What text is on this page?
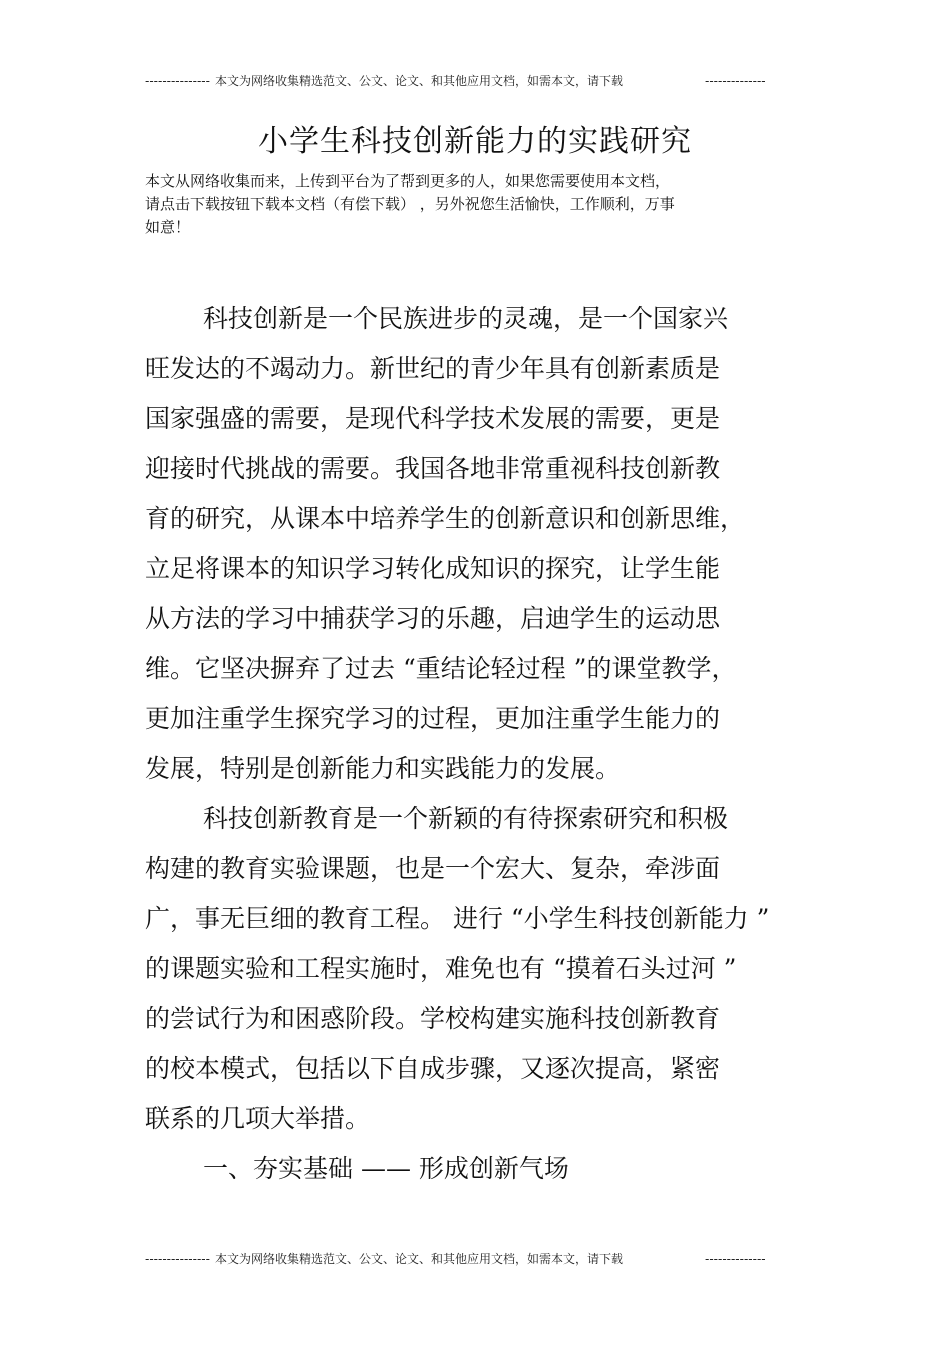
--------------- 本文为网络收集精选范文、公文、论文、和其他应用文档，如需本文，请下载	--------------
小学生科技创新能力的实践研究
本文从网络收集而来，上传到平台为了帮到更多的人，如果您需要使用本文档，
请点击下载按钮下载本文档（有偿下载） ，另外祝您生活愉快，工作顺利，万事
如意！
科技创新是一个民族进步的灵魂，是一个国家兴
旺发达的不竭动力。新世纪的青少年具有创新素质是
国家强盛的需要，是现代科学技术发展的需要，更是
迎接时代挑战的需要。我国各地非常重视科技创新教
育的研究，从课本中培养学生的创新意识和创新思维，
立足将课本的知识学习转化成知识的探究，让学生能
从方法的学习中捕获学习的乐趣，启迪学生的运动思
维。它坚决摒弃了过去 “重结论轻过程 ”的课堂教学，
更加注重学生探究学习的过程，更加注重学生能力的
发展，特别是创新能力和实践能力的发展。
科技创新教育是一个新颖的有待探索研究和积极
构建的教育实验课题，也是一个宏大、复杂，牵涉面
广，事无巨细的教育工程。 进行 “小学生科技创新能力 ”
的课题实验和工程实施时，难免也有 “摸着石头过河 ”
的尝试行为和困惑阶段。学校构建实施科技创新教育
的校本模式，包括以下自成步骤，又逐次提高，紧密
联系的几项大举措。
一、夯实基础 —— 形成创新气场
--------------- 本文为网络收集精选范文、公文、论文、和其他应用文档，如需本文，请下载	--------------
